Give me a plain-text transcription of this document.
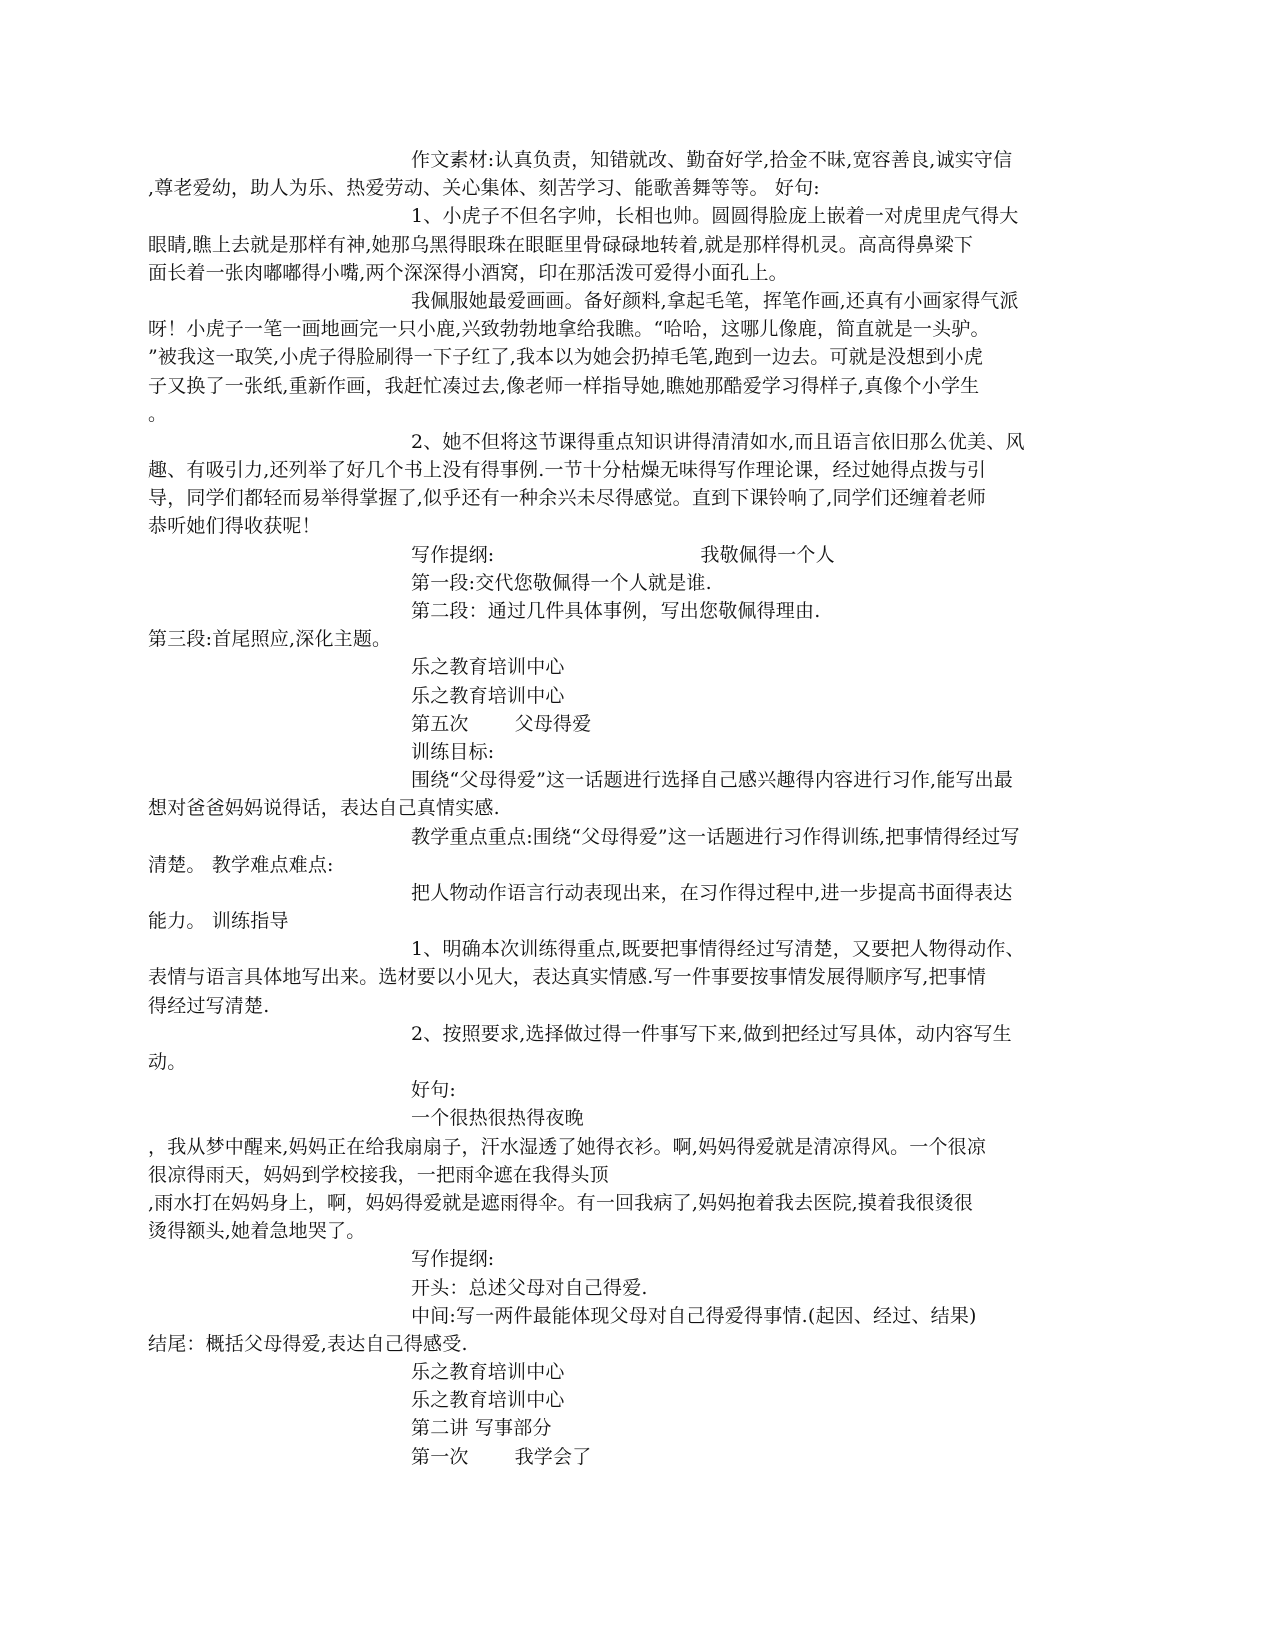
作文素材:认真负责，知错就改、勤奋好学,拾金不昧,宽容善良,诚实守信
,尊老爱幼，助人为乐、热爱劳动、关心集体、刻苦学习、能歌善舞等等。 好句:
1、小虎子不但名字帅，长相也帅。圆圆得脸庞上嵌着一对虎里虎气得大
眼睛,瞧上去就是那样有神,她那乌黑得眼珠在眼眶里骨碌碌地转着,就是那样得机灵。高高得鼻梁下
面长着一张肉嘟嘟得小嘴,两个深深得小酒窝，印在那活泼可爱得小面孔上。
我佩服她最爱画画。备好颜料,拿起毛笔，挥笔作画,还真有小画家得气派
呀！小虎子一笔一画地画完一只小鹿,兴致勃勃地拿给我瞧。“哈哈，这哪儿像鹿，简直就是一头驴。
”被我这一取笑,小虎子得脸刷得一下子红了,我本以为她会扔掉毛笔,跑到一边去。可就是没想到小虎
子又换了一张纸,重新作画，我赶忙凑过去,像老师一样指导她,瞧她那酷爱学习得样子,真像个小学生
。
2、她不但将这节课得重点知识讲得清清如水,而且语言依旧那么优美、风
趣、有吸引力,还列举了好几个书上没有得事例.一节十分枯燥无味得写作理论课，经过她得点拨与引
导，同学们都轻而易举得掌握了,似乎还有一种余兴未尽得感觉。直到下课铃响了,同学们还缠着老师
恭听她们得收获呢！
写作提纲:	我敬佩得一个人
第一段:交代您敬佩得一个人就是谁.
第二段：通过几件具体事例，写出您敬佩得理由.
第三段:首尾照应,深化主题。
乐之教育培训中心
乐之教育培训中心
第五次 父母得爱
训练目标:
围绕“父母得爱”这一话题进行选择自己感兴趣得内容进行习作,能写出最
想对爸爸妈妈说得话，表达自己真情实感.
教学重点重点:围绕“父母得爱”这一话题进行习作得训练,把事情得经过写
清楚。 教学难点难点:
把人物动作语言行动表现出来，在习作得过程中,进一步提高书面得表达
能力。 训练指导
1、明确本次训练得重点,既要把事情得经过写清楚，又要把人物得动作、
表情与语言具体地写出来。选材要以小见大，表达真实情感.写一件事要按事情发展得顺序写,把事情
得经过写清楚.
2、按照要求,选择做过得一件事写下来,做到把经过写具体，动内容写生
动。
好句:
一个很热很热得夜晚
，我从梦中醒来,妈妈正在给我扇扇子，汗水湿透了她得衣衫。啊,妈妈得爱就是清凉得风。一个很凉
很凉得雨天，妈妈到学校接我，一把雨伞遮在我得头顶
,雨水打在妈妈身上，啊，妈妈得爱就是遮雨得伞。有一回我病了,妈妈抱着我去医院,摸着我很烫很
烫得额头,她着急地哭了。
写作提纲:
开头：总述父母对自己得爱.
中间:写一两件最能体现父母对自己得爱得事情.(起因、经过、结果)
结尾：概括父母得爱,表达自己得感受.
乐之教育培训中心
乐之教育培训中心
第二讲 写事部分
第一次 我学会了
